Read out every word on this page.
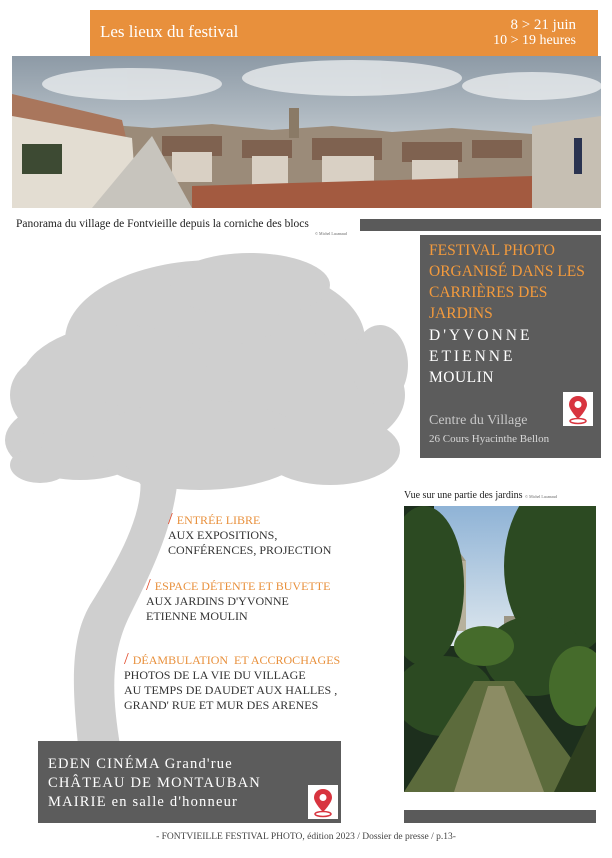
Les lieux du festival	8 > 21 juin
10 > 19 heures
Panorama du village de Fontvieille depuis la corniche des blocs
© Michel Lacanaud
FESTIVAL PHOTO ORGANISÉ DANS LES CARRIÈRES DES JARDINS
D'YVONNE
ETIENNE
MOULIN
Centre du Village
26 Cours Hyacinthe Bellon
Vue sur une partie des jardins © Michel Lacanaud
/ ENTRÉE LIBRE
AUX EXPOSITIONS,
CONFÉRENCES, PROJECTION
/ ESPACE DÉTENTE ET BUVETTE
AUX JARDINS D'YVONNE
ETIENNE MOULIN
/ DÉAMBULATION  ET ACCROCHAGES
PHOTOS DE LA VIE DU VILLAGE
AU TEMPS DE DAUDET AUX HALLES ,
GRAND' RUE ET MUR DES ARENES
EDEN CINÉMA Grand'rue
CHÂTEAU DE MONTAUBAN
MAIRIE en salle d'honneur
- FONTVIEILLE FESTIVAL PHOTO, édition 2023 / Dossier de presse / p.13-
